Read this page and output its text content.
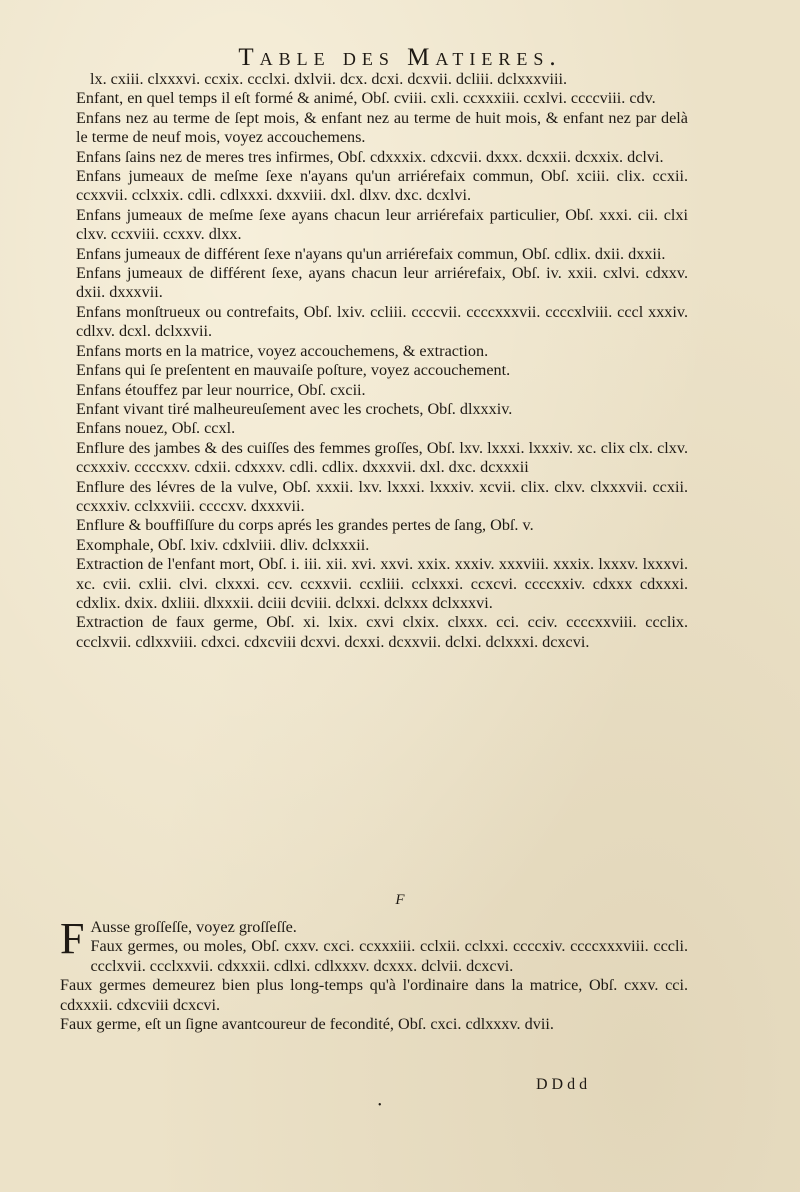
Table des Matieres.

lx. cxiii. clxxxvi. ccxix. ccclxi. dxlvii. dcx. dcxi. dcxvii. dcliii. dclxxxviii.

Enfant, en quel temps il eſt formé & animé, Obſ. cviii. cxli. ccxxxiii. ccxlvi. ccccviii. cdv.

Enfans nez au terme de ſept mois, & enfant nez au terme de huit mois, & enfant nez par delà le terme de neuf mois, voyez accouchemens.

Enfans ſains nez de meres tres infirmes, Obſ. cdxxxix. cdxcvii. dxxx. dcxxii. dcxxix. dclvi.

Enfans jumeaux de meſme ſexe n'ayans qu'un arriérefaix commun, Obſ. xciii. clix. ccxii. ccxxvii. cclxxix. cdli. cdlxxxi. dxxviii. dxl. dlxv. dxc. dcxlvi.

Enfans jumeaux de meſme ſexe ayans chacun leur arriérefaix particulier, Obſ. xxxi. cii. clxi clxv. ccxviii. ccxxv. dlxx.

Enfans jumeaux de différent ſexe n'ayans qu'un arriérefaix commun, Obſ. cdlix. dxii. dxxii.

Enfans jumeaux de différent ſexe, ayans chacun leur arriérefaix, Obſ. iv. xxii. cxlvi. cdxxv. dxii. dxxxvii.

Enfans monſtrueux ou contrefaits, Obſ. lxiv. ccliii. ccccvii. ccccxxxvii. ccccxlviii. cccl xxxiv. cdlxv. dcxl. dclxxvii.

Enfans morts en la matrice, voyez accouchemens, & extraction.

Enfans qui ſe preſentent en mauvaiſe poſture, voyez accouchement.

Enfans étouffez par leur nourrice, Obſ. cxcii.

Enfant vivant tiré malheureuſement avec les crochets, Obſ. dlxxxiv.

Enfans nouez, Obſ. ccxl.

Enflure des jambes & des cuiſſes des femmes groſſes, Obſ. lxv. lxxxi. lxxxiv. xc. clix clx. clxv. ccxxxiv. ccccxxv. cdxii. cdxxxv. cdli. cdlix. dxxxvii. dxl. dxc. dcxxxii

Enflure des lévres de la vulve, Obſ. xxxii. lxv. lxxxi. lxxxiv. xcvii. clix. clxv. clxxxvii. ccxii. ccxxxiv. cclxxviii. ccccxv. dxxxvii.

Enflure & bouffiſſure du corps aprés les grandes pertes de ſang, Obſ. v.

Exomphale, Obſ. lxiv. cdxlviii. dliv. dclxxxii.

Extraction de l'enfant mort, Obſ. i. iii. xii. xvi. xxvi. xxix. xxxiv. xxxviii. xxxix. lxxxv. lxxxvi. xc. cvii. cxlii. clvi. clxxxi. ccv. ccxxvii. ccxliii. cclxxxi. ccxcvi. ccccxxiv. cdxxx cdxxxi. cdxlix. dxix. dxliii. dlxxxii. dciii dcviii. dclxxi. dclxxx dclxxxvi.

Extraction de faux germe, Obſ. xi. lxix. cxvi clxix. clxxx. cci. cciv. ccccxxviii. ccclix. ccclxvii. cdlxxviii. cdxci. cdxcviii dcxvi. dcxxi. dcxxvii. dclxi. dclxxxi. dcxcvi.

F

F Ausse groſſeſſe, voyez groſſeſſe.

Faux germes, ou moles, Obſ. cxxv. cxci. ccxxxiii. cclxii. cclxxi. ccccxiv. ccccxxxviii. cccli. ccclxvii. ccclxxvii. cdxxxii. cdlxi. cdlxxxv. dcxxx. dclvii. dcxcvi.

Faux germes demeurez bien plus long-temps qu'à l'ordinaire dans la matrice, Obſ. cxxv. cci. cdxxxii. cdxcviii dcxcvi.

Faux germe, eſt un ſigne avantcoureur de fecondité, Obſ. cxci. cdlxxxv. dvii.

DDdd
•
